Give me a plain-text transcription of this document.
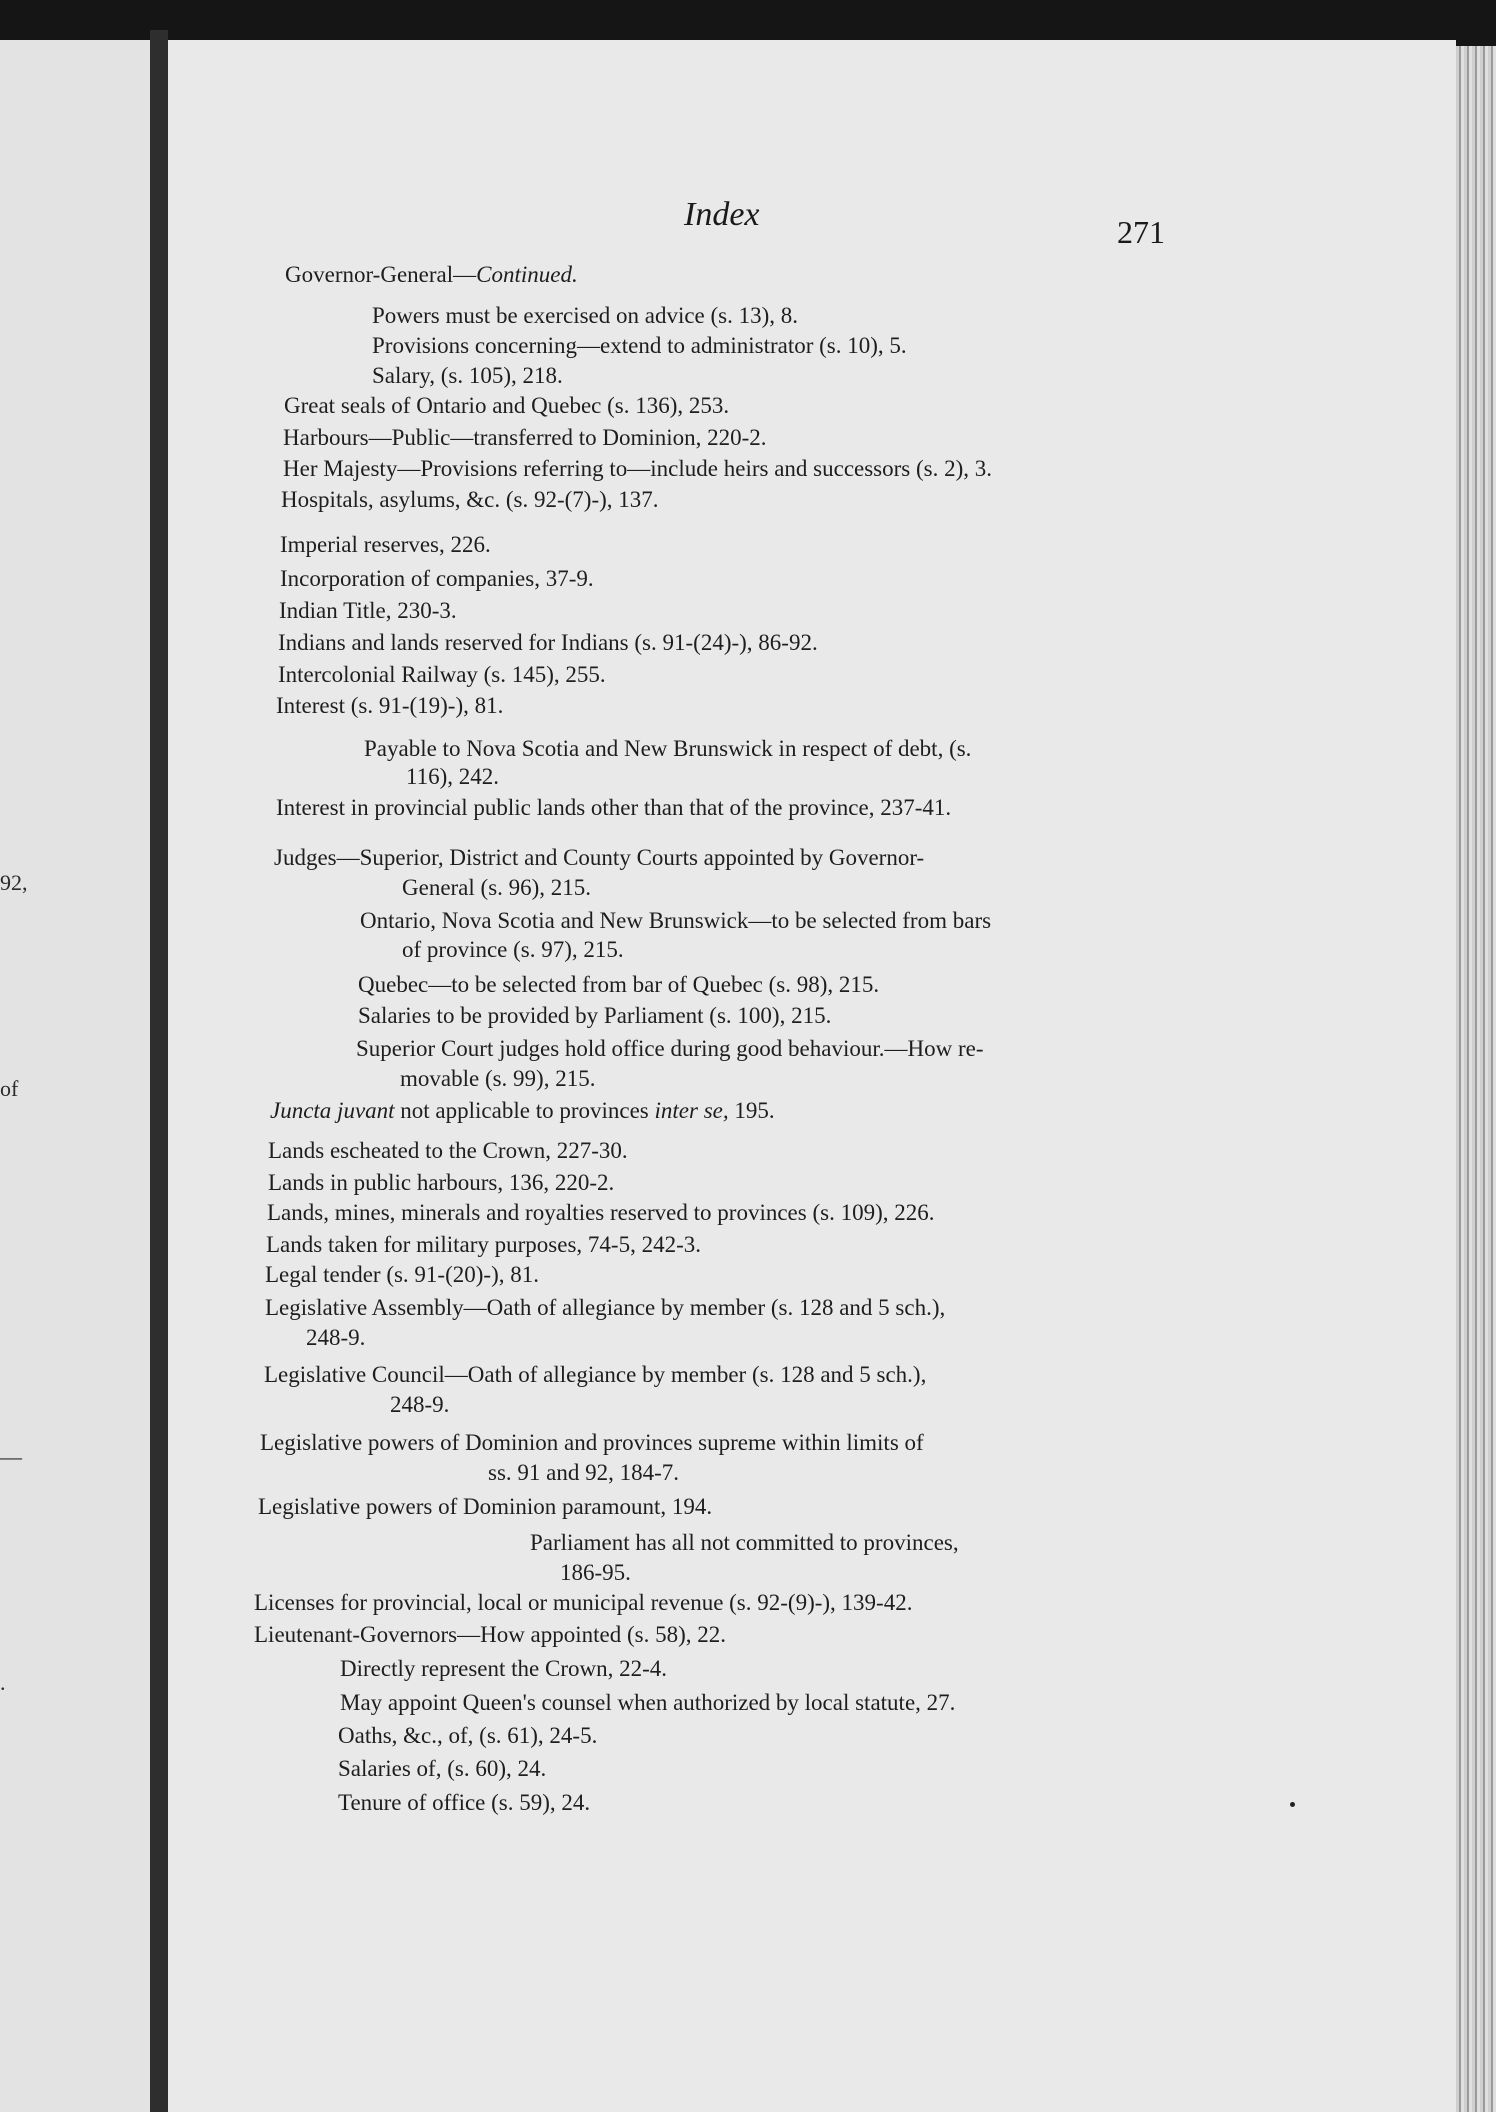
92,
of
—
.
Index	271
Governor-General—Continued.
Powers must be exercised on advice (s. 13), 8.
Provisions concerning—extend to administrator (s. 10), 5.
Salary, (s. 105), 218.
Great seals of Ontario and Quebec (s. 136), 253.
Harbours—Public—transferred to Dominion, 220-2.
Her Majesty—Provisions referring to—include heirs and successors (s. 2), 3.
Hospitals, asylums, &c. (s. 92-(7)-), 137.
Imperial reserves, 226.
Incorporation of companies, 37-9.
Indian Title, 230-3.
Indians and lands reserved for Indians (s. 91-(24)-), 86-92.
Intercolonial Railway (s. 145), 255.
Interest (s. 91-(19)-), 81.
Payable to Nova Scotia and New Brunswick in respect of debt, (s.
116), 242.
Interest in provincial public lands other than that of the province, 237-41.
Judges—Superior, District and County Courts appointed by Governor-
General (s. 96), 215.
Ontario, Nova Scotia and New Brunswick—to be selected from bars
of province (s. 97), 215.
Quebec—to be selected from bar of Quebec (s. 98), 215.
Salaries to be provided by Parliament (s. 100), 215.
Superior Court judges hold office during good behaviour.—How re-
movable (s. 99), 215.
Juncta juvant not applicable to provinces inter se, 195.
Lands escheated to the Crown, 227-30.
Lands in public harbours, 136, 220-2.
Lands, mines, minerals and royalties reserved to provinces (s. 109), 226.
Lands taken for military purposes, 74-5, 242-3.
Legal tender (s. 91-(20)-), 81.
Legislative Assembly—Oath of allegiance by member (s. 128 and 5 sch.),
248-9.
Legislative Council—Oath of allegiance by member (s. 128 and 5 sch.),
248-9.
Legislative powers of Dominion and provinces supreme within limits of
ss. 91 and 92, 184-7.
Legislative powers of Dominion paramount, 194.
Parliament has all not committed to provinces,
186-95.
Licenses for provincial, local or municipal revenue (s. 92-(9)-), 139-42.
Lieutenant-Governors—How appointed (s. 58), 22.
Directly represent the Crown, 22-4.
May appoint Queen's counsel when authorized by local statute, 27.
Oaths, &c., of, (s. 61), 24-5.
Salaries of, (s. 60), 24.
Tenure of office (s. 59), 24.
